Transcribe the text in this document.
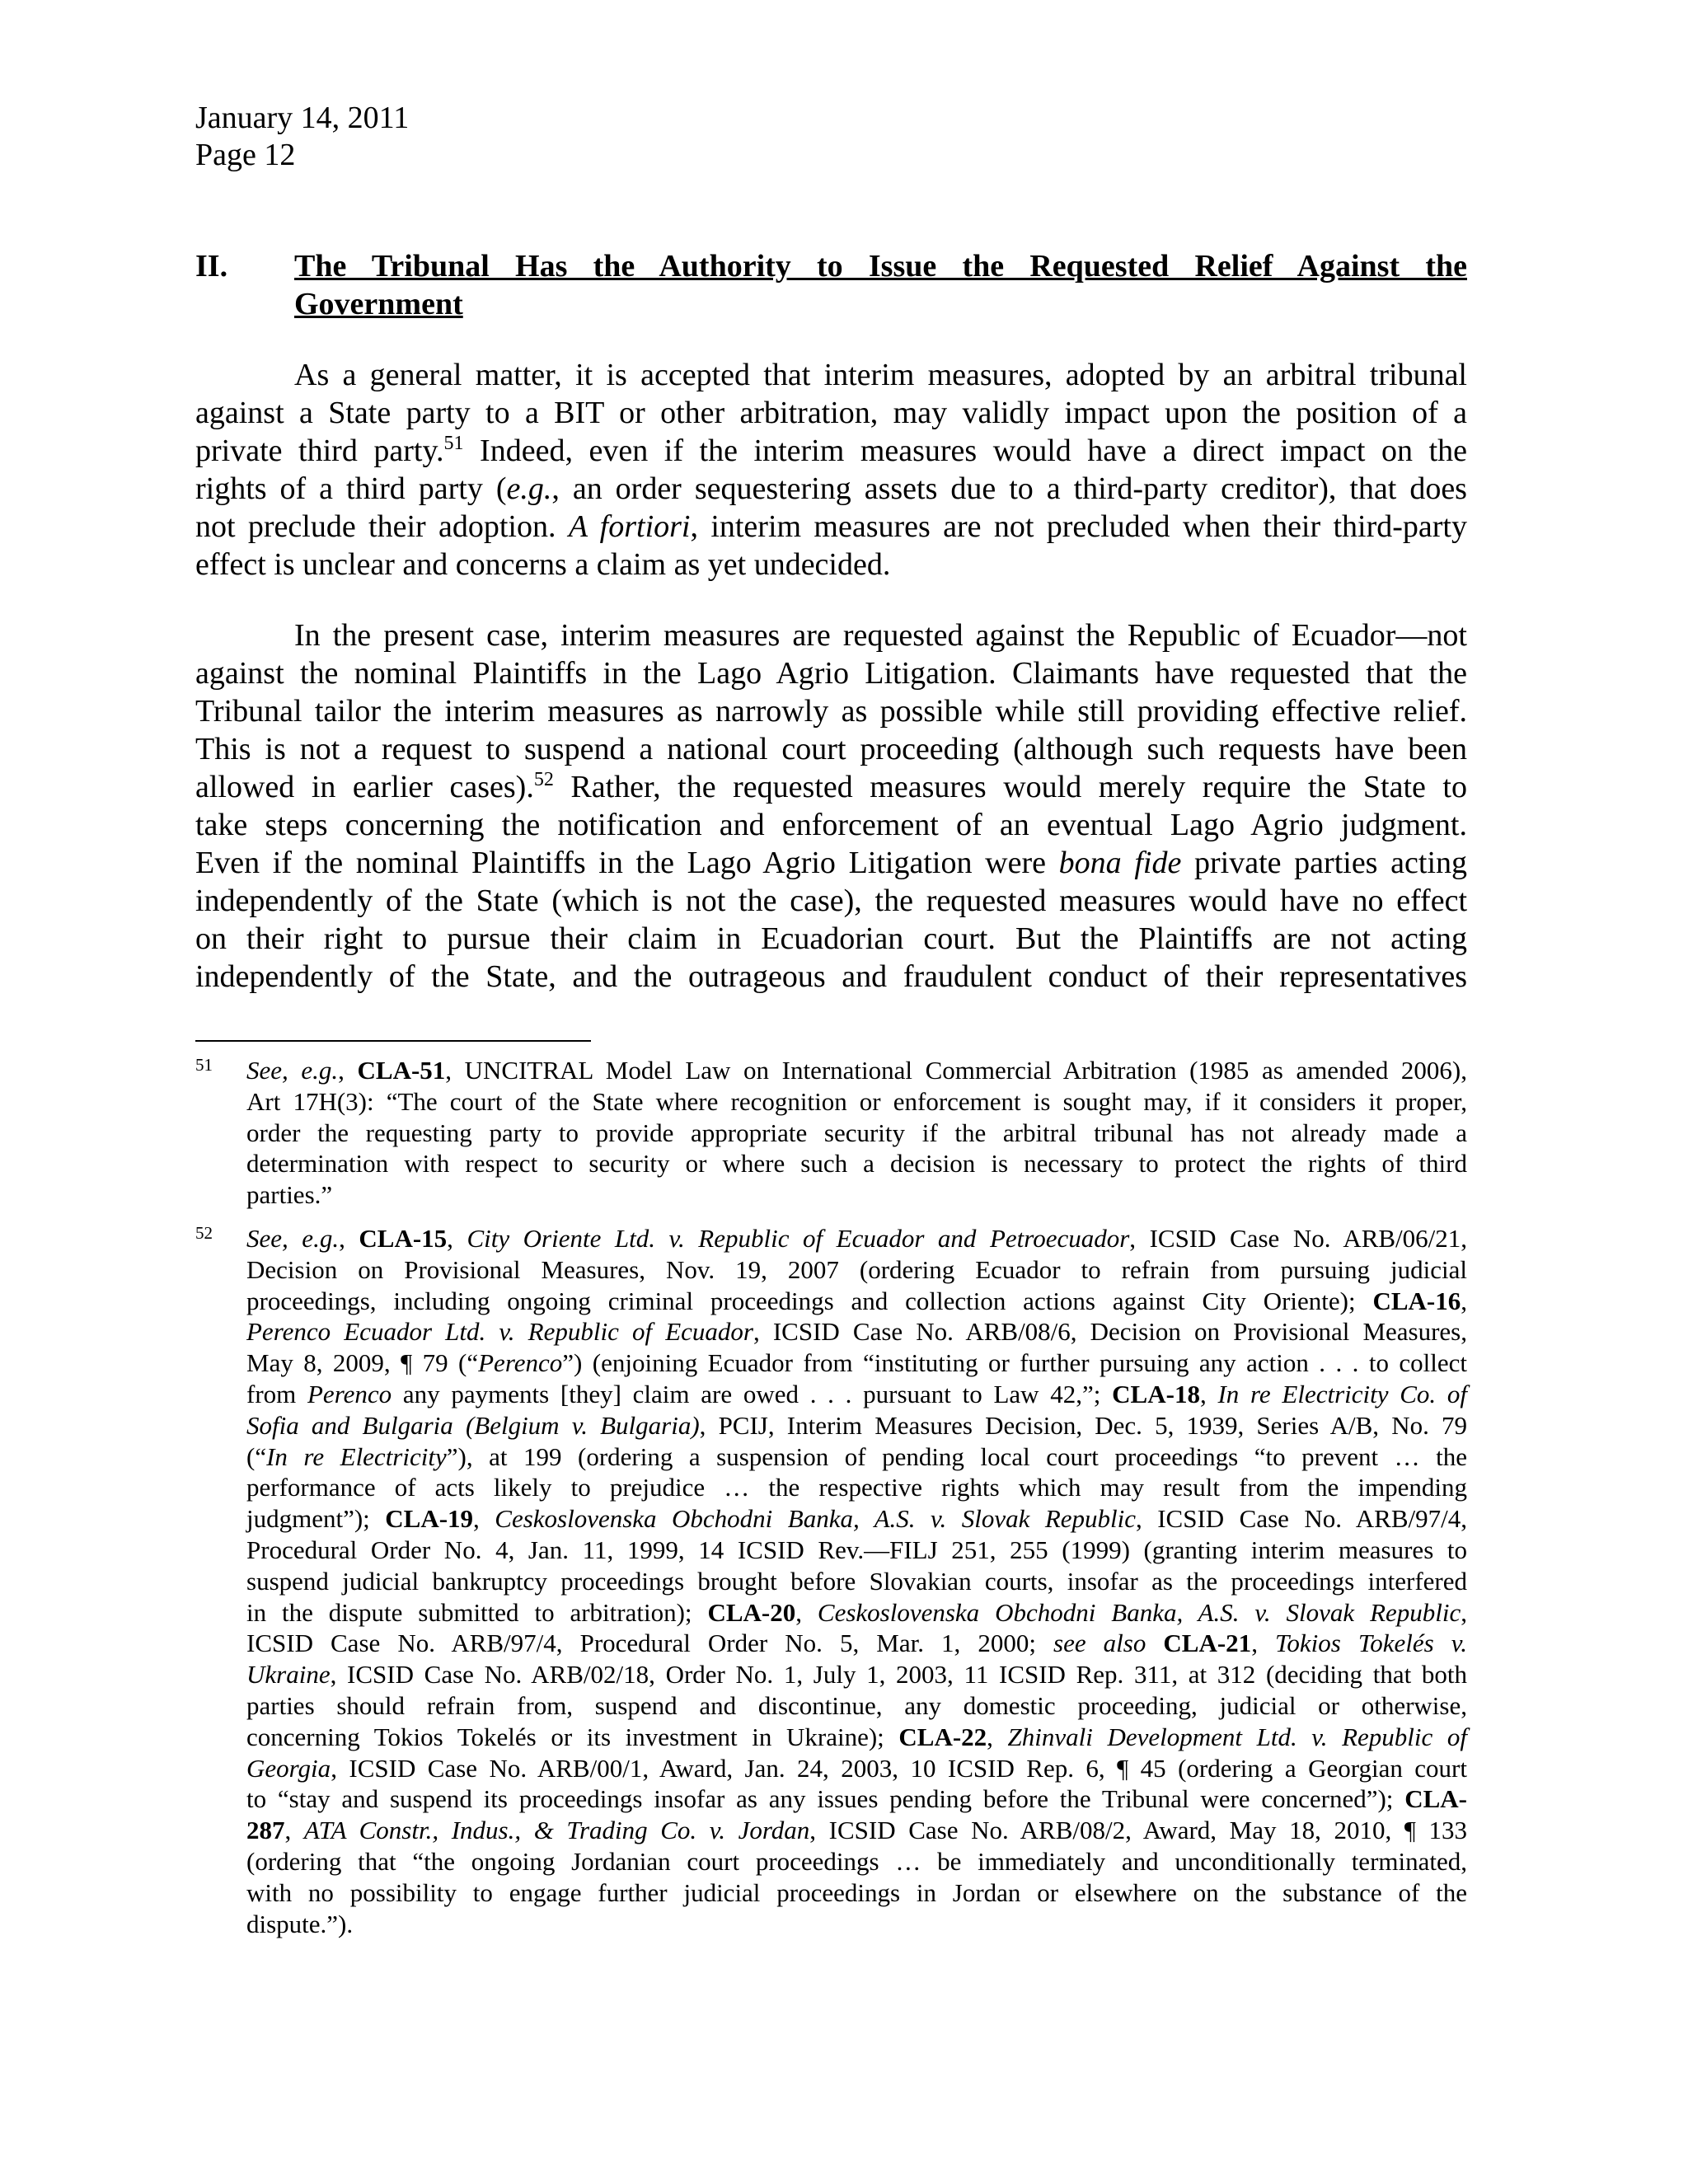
January 14, 2011
Page 12
II. The Tribunal Has the Authority to Issue the Requested Relief Against the
Government
As a general matter, it is accepted that interim measures, adopted by an arbitral tribunal
against a State party to a BIT or other arbitration, may validly impact upon the position of a
private third party.$^{51}$ Indeed, even if the interim measures would have a direct impact on the
rights of a third party (e.g., an order sequestering assets due to a third-party creditor), that does
not preclude their adoption. A fortiori, interim measures are not precluded when their third-party
effect is unclear and concerns a claim as yet undecided.
In the present case, interim measures are requested against the Republic of Ecuador—not
against the nominal Plaintiffs in the Lago Agrio Litigation. Claimants have requested that the
Tribunal tailor the interim measures as narrowly as possible while still providing effective relief.
This is not a request to suspend a national court proceeding (although such requests have been
allowed in earlier cases).$^{52}$ Rather, the requested measures would merely require the State to
take steps concerning the notification and enforcement of an eventual Lago Agrio judgment.
Even if the nominal Plaintiffs in the Lago Agrio Litigation were bona fide private parties acting
independently of the State (which is not the case), the requested measures would have no effect
on their right to pursue their claim in Ecuadorian court. But the Plaintiffs are not acting
independently of the State, and the outrageous and fraudulent conduct of their representatives
51 See, e.g., CLA-51, UNCITRAL Model Law on International Commercial Arbitration (1985 as amended 2006),
Art 17H(3): “The court of the State where recognition or enforcement is sought may, if it considers it proper,
order the requesting party to provide appropriate security if the arbitral tribunal has not already made a
determination with respect to security or where such a decision is necessary to protect the rights of third
parties.”
52 See, e.g., CLA-15, City Oriente Ltd. v. Republic of Ecuador and Petroecuador, ICSID Case No. ARB/06/21,
Decision on Provisional Measures, Nov. 19, 2007 (ordering Ecuador to refrain from pursuing judicial
proceedings, including ongoing criminal proceedings and collection actions against City Oriente); CLA-16,
Perenco Ecuador Ltd. v. Republic of Ecuador, ICSID Case No. ARB/08/6, Decision on Provisional Measures,
May 8, 2009, ¶ 79 (“Perenco”) (enjoining Ecuador from “instituting or further pursuing any action . . . to collect
from Perenco any payments [they] claim are owed . . . pursuant to Law 42,”; CLA-18, In re Electricity Co. of
Sofia and Bulgaria (Belgium v. Bulgaria), PCIJ, Interim Measures Decision, Dec. 5, 1939, Series A/B, No. 79
(“In re Electricity”), at 199 (ordering a suspension of pending local court proceedings “to prevent … the
performance of acts likely to prejudice … the respective rights which may result from the impending
judgment”); CLA-19, Ceskoslovenska Obchodni Banka, A.S. v. Slovak Republic, ICSID Case No. ARB/97/4,
Procedural Order No. 4, Jan. 11, 1999, 14 ICSID Rev.—FILJ 251, 255 (1999) (granting interim measures to
suspend judicial bankruptcy proceedings brought before Slovakian courts, insofar as the proceedings interfered
in the dispute submitted to arbitration); CLA-20, Ceskoslovenska Obchodni Banka, A.S. v. Slovak Republic,
ICSID Case No. ARB/97/4, Procedural Order No. 5, Mar. 1, 2000; see also CLA-21, Tokios Tokelés v.
Ukraine, ICSID Case No. ARB/02/18, Order No. 1, July 1, 2003, 11 ICSID Rep. 311, at 312 (deciding that both
parties should refrain from, suspend and discontinue, any domestic proceeding, judicial or otherwise,
concerning Tokios Tokelés or its investment in Ukraine); CLA-22, Zhinvali Development Ltd. v. Republic of
Georgia, ICSID Case No. ARB/00/1, Award, Jan. 24, 2003, 10 ICSID Rep. 6, ¶ 45 (ordering a Georgian court
to “stay and suspend its proceedings insofar as any issues pending before the Tribunal were concerned”); CLA-
287, ATA Constr., Indus., & Trading Co. v. Jordan, ICSID Case No. ARB/08/2, Award, May 18, 2010, ¶ 133
(ordering that “the ongoing Jordanian court proceedings … be immediately and unconditionally terminated,
with no possibility to engage further judicial proceedings in Jordan or elsewhere on the substance of the
dispute.”).
